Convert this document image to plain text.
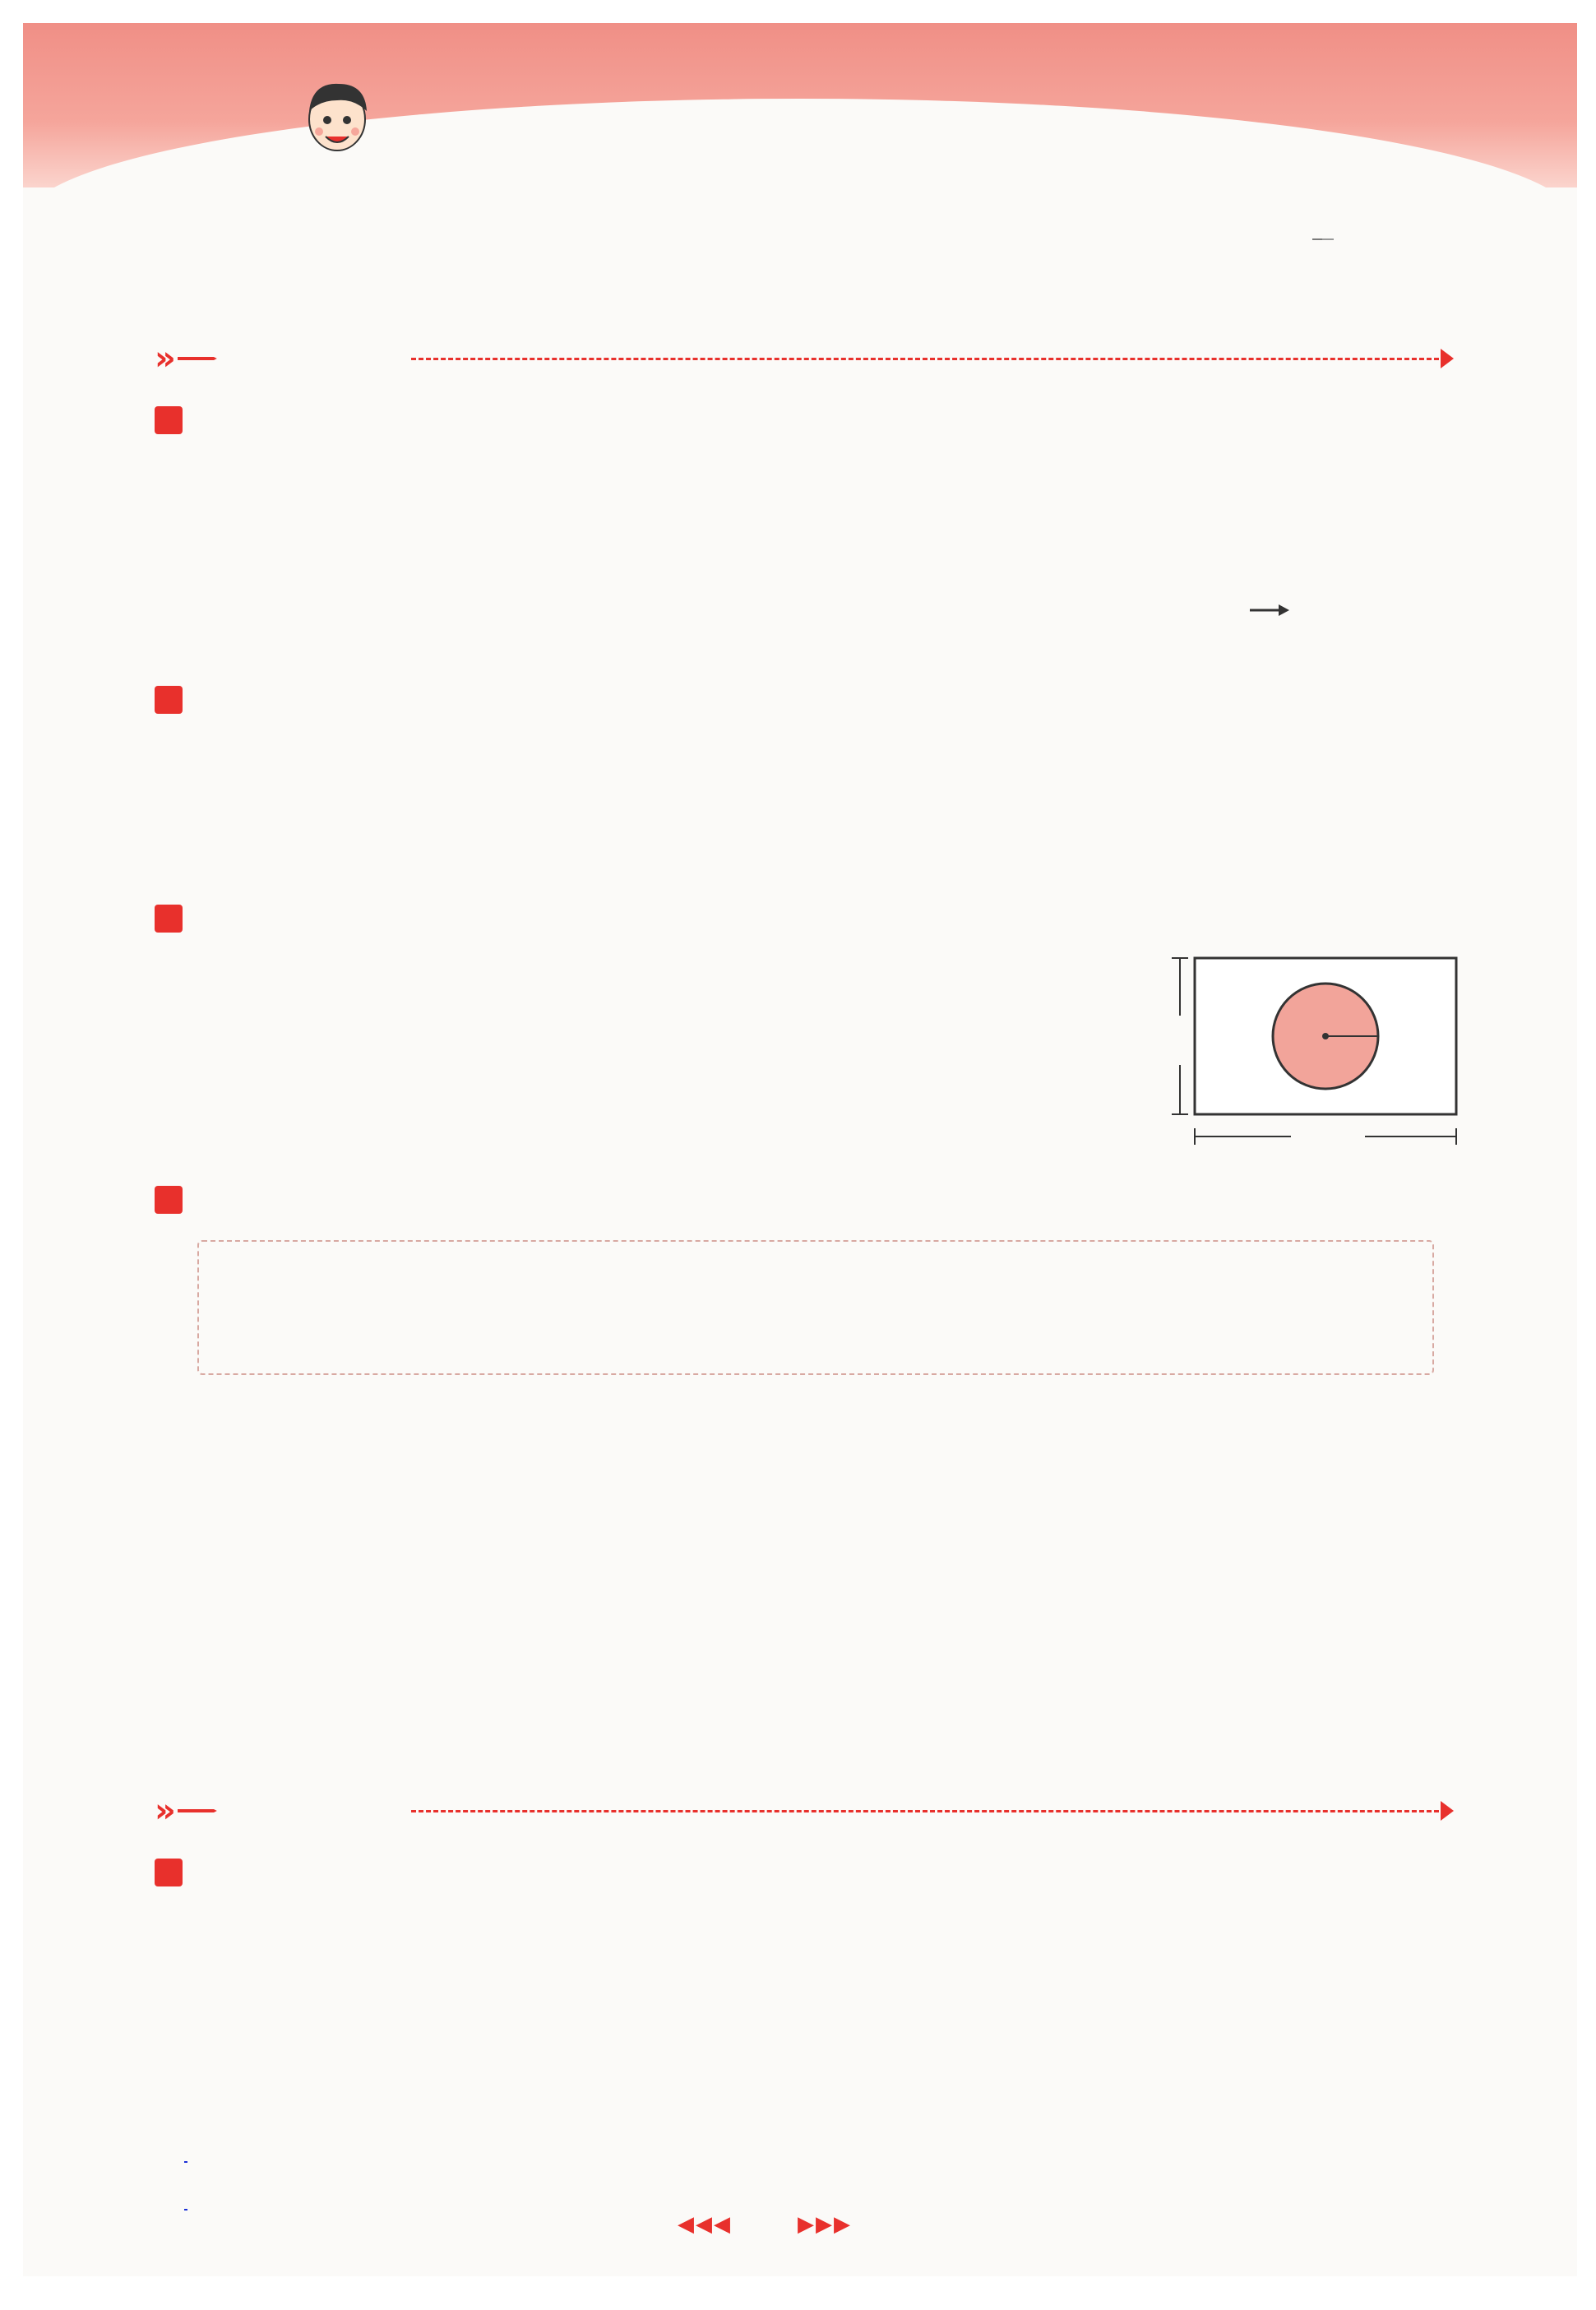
»
»
◀◀◀	▶▶▶
